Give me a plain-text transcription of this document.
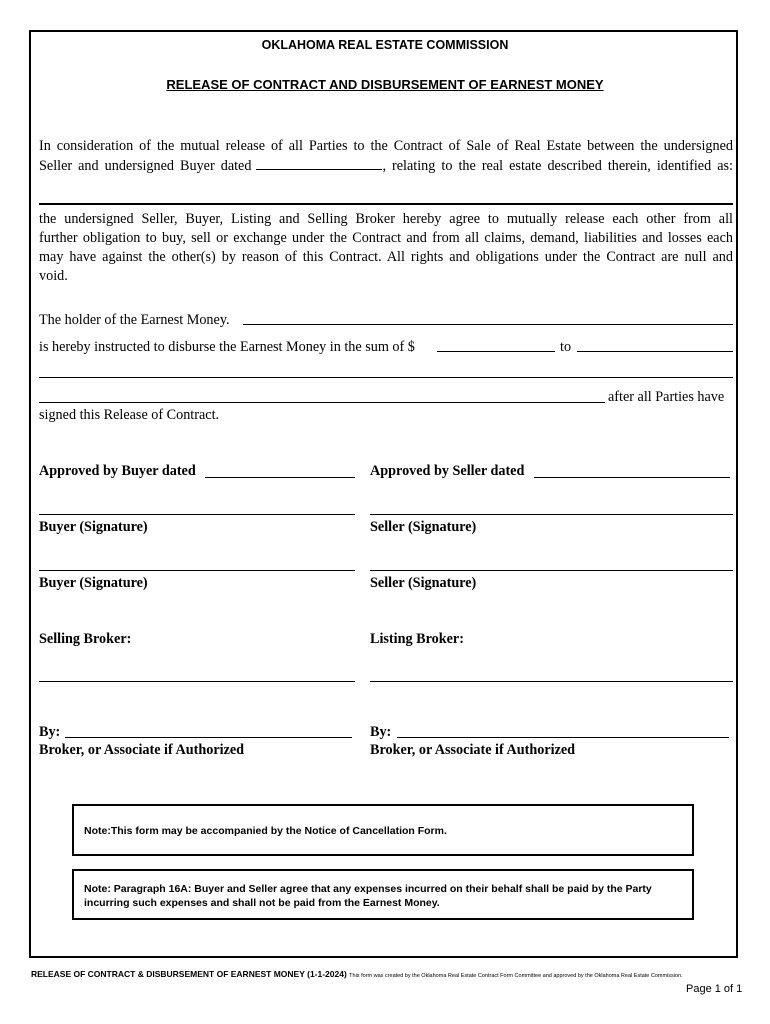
OKLAHOMA REAL ESTATE COMMISSION
RELEASE OF CONTRACT AND DISBURSEMENT OF EARNEST MONEY
In consideration of the mutual release of all Parties to the Contract of Sale of Real Estate between the undersigned
Seller and undersigned Buyer dated	, relating to the real estate described therein, identified as:
the undersigned Seller, Buyer, Listing and Selling Broker hereby agree to mutually release each other from all
further obligation to buy, sell or exchange under the Contract and from all claims, demand, liabilities and losses each
may have against the other(s) by reason of this Contract. All rights and obligations under the Contract are null and
void.
The holder of the Earnest Money.
is hereby instructed to disburse the Earnest Money in the sum of $	to
after all Parties have
signed this Release of Contract.
Approved by Buyer dated	Approved by Seller dated
Buyer (Signature)	Seller (Signature)
Buyer (Signature)	Seller (Signature)
Selling Broker:	Listing Broker:
By:	By:
Broker, or Associate if Authorized	Broker, or Associate if Authorized
Note:This form may be accompanied by the Notice of Cancellation Form.
Note: Paragraph 16A: Buyer and Seller agree that any expenses incurred on their behalf shall be paid by the Party
incurring such expenses and shall not be paid from the Earnest Money.
RELEASE OF CONTRACT & DISBURSEMENT OF EARNEST MONEY (1-1-2024) This form was created by the Oklahoma Real Estate Contract Form Committee and approved by the Oklahoma Real Estate Commission.
Page 1 of 1
